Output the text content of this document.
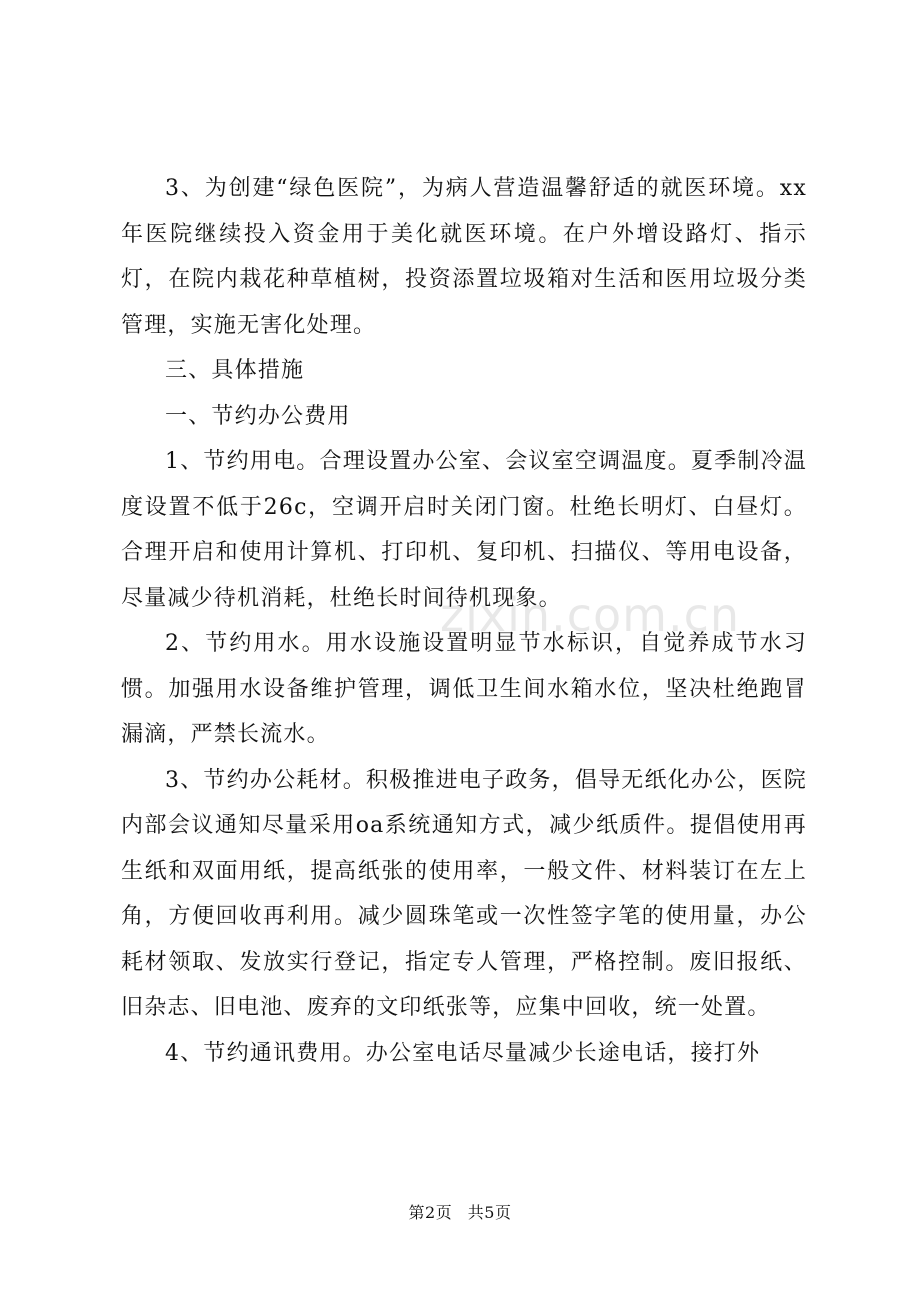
zixin.com.cn

3、为创建“绿色医院”，为病人营造温馨舒适的就医环境。xx年医院继续投入资金用于美化就医环境。在户外增设路灯、指示灯，在院内栽花种草植树，投资添置垃圾箱对生活和医用垃圾分类管理，实施无害化处理。

三、具体措施

一、节约办公费用

1、节约用电。合理设置办公室、会议室空调温度。夏季制冷温度设置不低于26c，空调开启时关闭门窗。杜绝长明灯、白昼灯。合理开启和使用计算机、打印机、复印机、扫描仪、等用电设备，尽量减少待机消耗，杜绝长时间待机现象。

2、节约用水。用水设施设置明显节水标识，自觉养成节水习惯。加强用水设备维护管理，调低卫生间水箱水位，坚决杜绝跑冒漏滴，严禁长流水。

3、节约办公耗材。积极推进电子政务，倡导无纸化办公，医院内部会议通知尽量采用oa系统通知方式，减少纸质件。提倡使用再生纸和双面用纸，提高纸张的使用率，一般文件、材料装订在左上角，方便回收再利用。减少圆珠笔或一次性签字笔的使用量，办公耗材领取、发放实行登记，指定专人管理，严格控制。废旧报纸、旧杂志、旧电池、废弃的文印纸张等，应集中回收，统一处置。

4、节约通讯费用。办公室电话尽量减少长途电话，接打外

第2页 共5页
